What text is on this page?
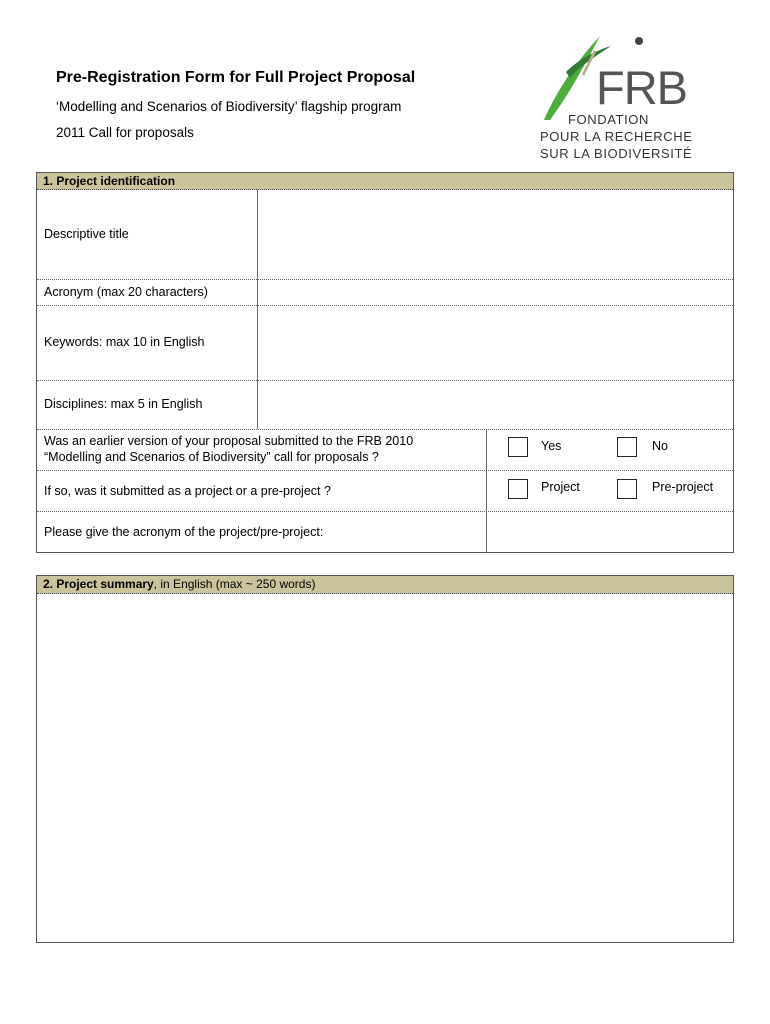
Pre-Registration Form for Full Project Proposal
‘Modelling and Scenarios of Biodiversity’ flagship program
2011 Call for proposals
FRB
FONDATION
POUR LA RECHERCHE
SUR LA BIODIVERSITÉ
1. Project identification
Descriptive title
Acronym (max 20 characters)
Keywords: max 10 in English
Disciplines: max 5 in English
Was an earlier version of your proposal submitted to the FRB 2010
“Modelling and Scenarios of Biodiversity” call for proposals ?
If so, was it submitted as a project or a pre-project ?
Please give the acronym of the project/pre-project:
Yes	No
Project	Pre-project
2. Project summary, in English (max ~ 250 words)
